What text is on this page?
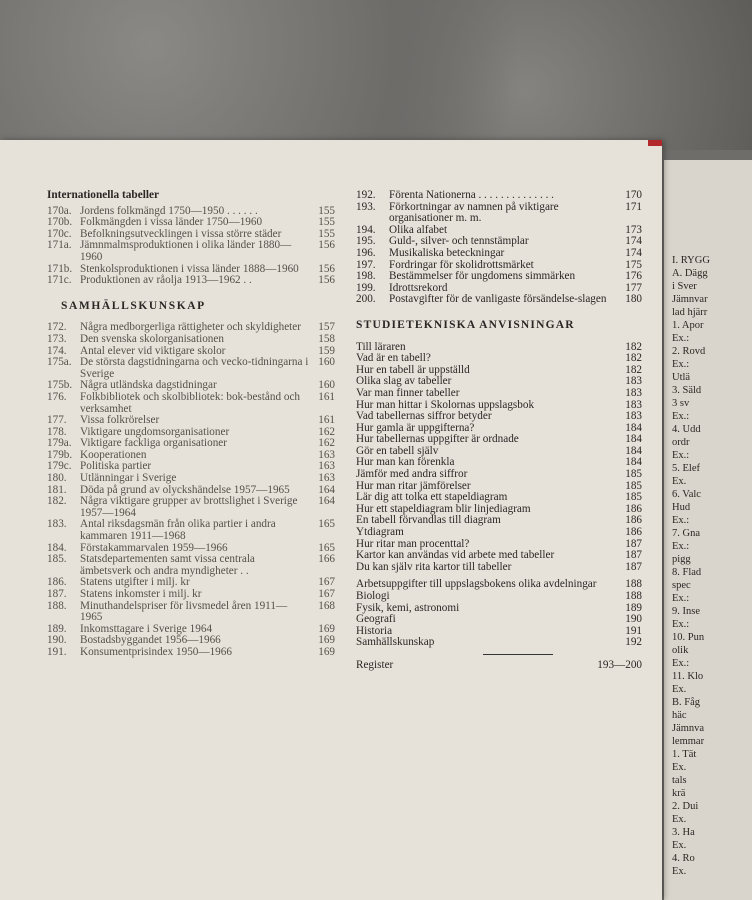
I. RYGG
A. Dägg
i Sver
Jämnvar
lad hjärr
1. Apor
Ex.:
2. Rovd
Ex.:
Utlä
3. Säld
3 sv
Ex.:
4. Udd
ordr
Ex.:
5. Elef
Ex.
6. Valc
Hud
Ex.:
7. Gna
Ex.:
pigg
8. Flad
spec
Ex.:
9. Inse
Ex.:
10. Pun
olik
Ex.:
11. Klo
Ex.
B. Fåg
häc
Jämnva
lemmar
1. Tät
Ex.
tals
krä
2. Dui
Ex.
3. Ha
Ex.
4. Ro
Ex.
Internationella tabeller
170a. Jordens folkmängd 1750—1950 . . . . . .	155
170b. Folkmängden i vissa länder 1750—1960	155
170c. Befolkningsutvecklingen i vissa större städer	155
171a. Jämnmalmsproduktionen i olika länder 1880—1960
156
171b. Stenkolsproduktionen i vissa länder 1888—1960	156
171c. Produktionen av råolja 1913—1962 . .	156
SAMHÄLLSKUNSKAP
172.	Några medborgerliga rättigheter och skyldigheter	157
173.	Den svenska skolorganisationen	158
174.	Antal elever vid viktigare skolor	159
175a. De största dagstidningarna och vecko-tidningarna i Sverige
160
175b. Några utländska dagstidningar	160
176.	Folkbibliotek och skolbibliotek: bok-bestånd och verksamhet
161
177.	Vissa folkrörelser	161
178.	Viktigare ungdomsorganisationer	162
179a. Viktigare fackliga organisationer	162
179b. Kooperationen	163
179c. Politiska partier	163
180.	Utlänningar i Sverige	163
181.	Döda på grund av olyckshändelse 1957—1965	164
182.	Några viktigare grupper av brottslighet i Sverige 1957—1964
164
183.	Antal riksdagsmän från olika partier i andra kammaren 1911—1968
165
184.	Förstakammarvalen 1959—1966	165
185.	Statsdepartementen samt vissa centrala ämbetsverk och andra myndigheter . .
166
186.	Statens utgifter i milj. kr	167
187.	Statens inkomster i milj. kr	167
188.	Minuthandelspriser för livsmedel åren 1911—1965
168
189.	Inkomsttagare i Sverige 1964	169
190.	Bostadsbyggandet 1956—1966	169
191.	Konsumentprisindex 1950—1966	169
192.	Förenta Nationerna . . . . . . . . . . . . . .	170
193.	Förkortningar av namnen på viktigare organisationer m. m.
171
194.	Olika alfabet	173
195.	Guld-, silver- och tennstämplar	174
196.	Musikaliska beteckningar	174
197.	Fordringar för skolidrottsmärket	175
198.	Bestämmelser för ungdomens simmärken	176
199.	Idrottsrekord	177
200.	Postavgifter för de vanligaste försändelse-slagen	180
STUDIETEKNISKA ANVISNINGAR
Till läraren	182
Vad är en tabell?	182
Hur en tabell är uppställd	182
Olika slag av tabeller	183
Var man finner tabeller	183
Hur man hittar i Skolornas uppslagsbok	183
Vad tabellernas siffror betyder	183
Hur gamla är uppgifterna?	184
Hur tabellernas uppgifter är ordnade	184
Gör en tabell själv	184
Hur man kan förenkla	184
Jämför med andra siffror	185
Hur man ritar jämförelser	185
Lär dig att tolka ett stapeldiagram	185
Hur ett stapeldiagram blir linjediagram	186
En tabell förvandlas till diagram	186
Ytdiagram	186
Hur ritar man procenttal?	187
Kartor kan användas vid arbete med tabeller	187
Du kan själv rita kartor till tabeller	187
Arbetsuppgifter till uppslagsbokens olika avdelningar	188
Biologi	188
Fysik, kemi, astronomi	189
Geografi	190
Historia	191
Samhällskunskap	192
Register	193—200
